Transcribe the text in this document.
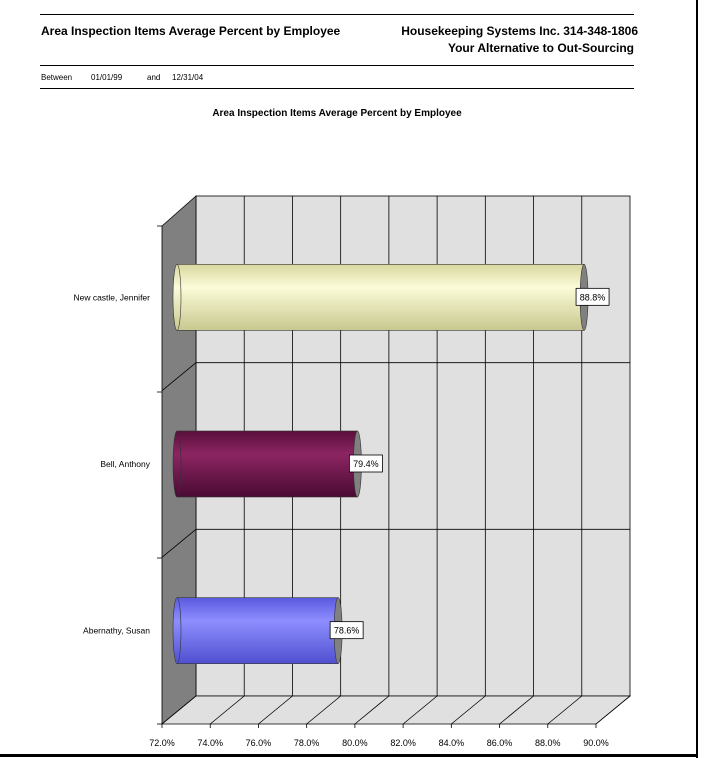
Area Inspection Items Average Percent by Employee	Housekeeping Systems Inc. 314-348-1806
Your Alternative to Out-Sourcing
Between 01/01/99	and 12/31/04
Area Inspection Items Average Percent by Employee
72.0%	74.0%	76.0%	78.0%	80.0%	82.0%	84.0%	86.0%	88.0%	90.0%
88.8%
New castle, Jennifer
79.4%
Bell, Anthony
78.6%
Abernathy, Susan
